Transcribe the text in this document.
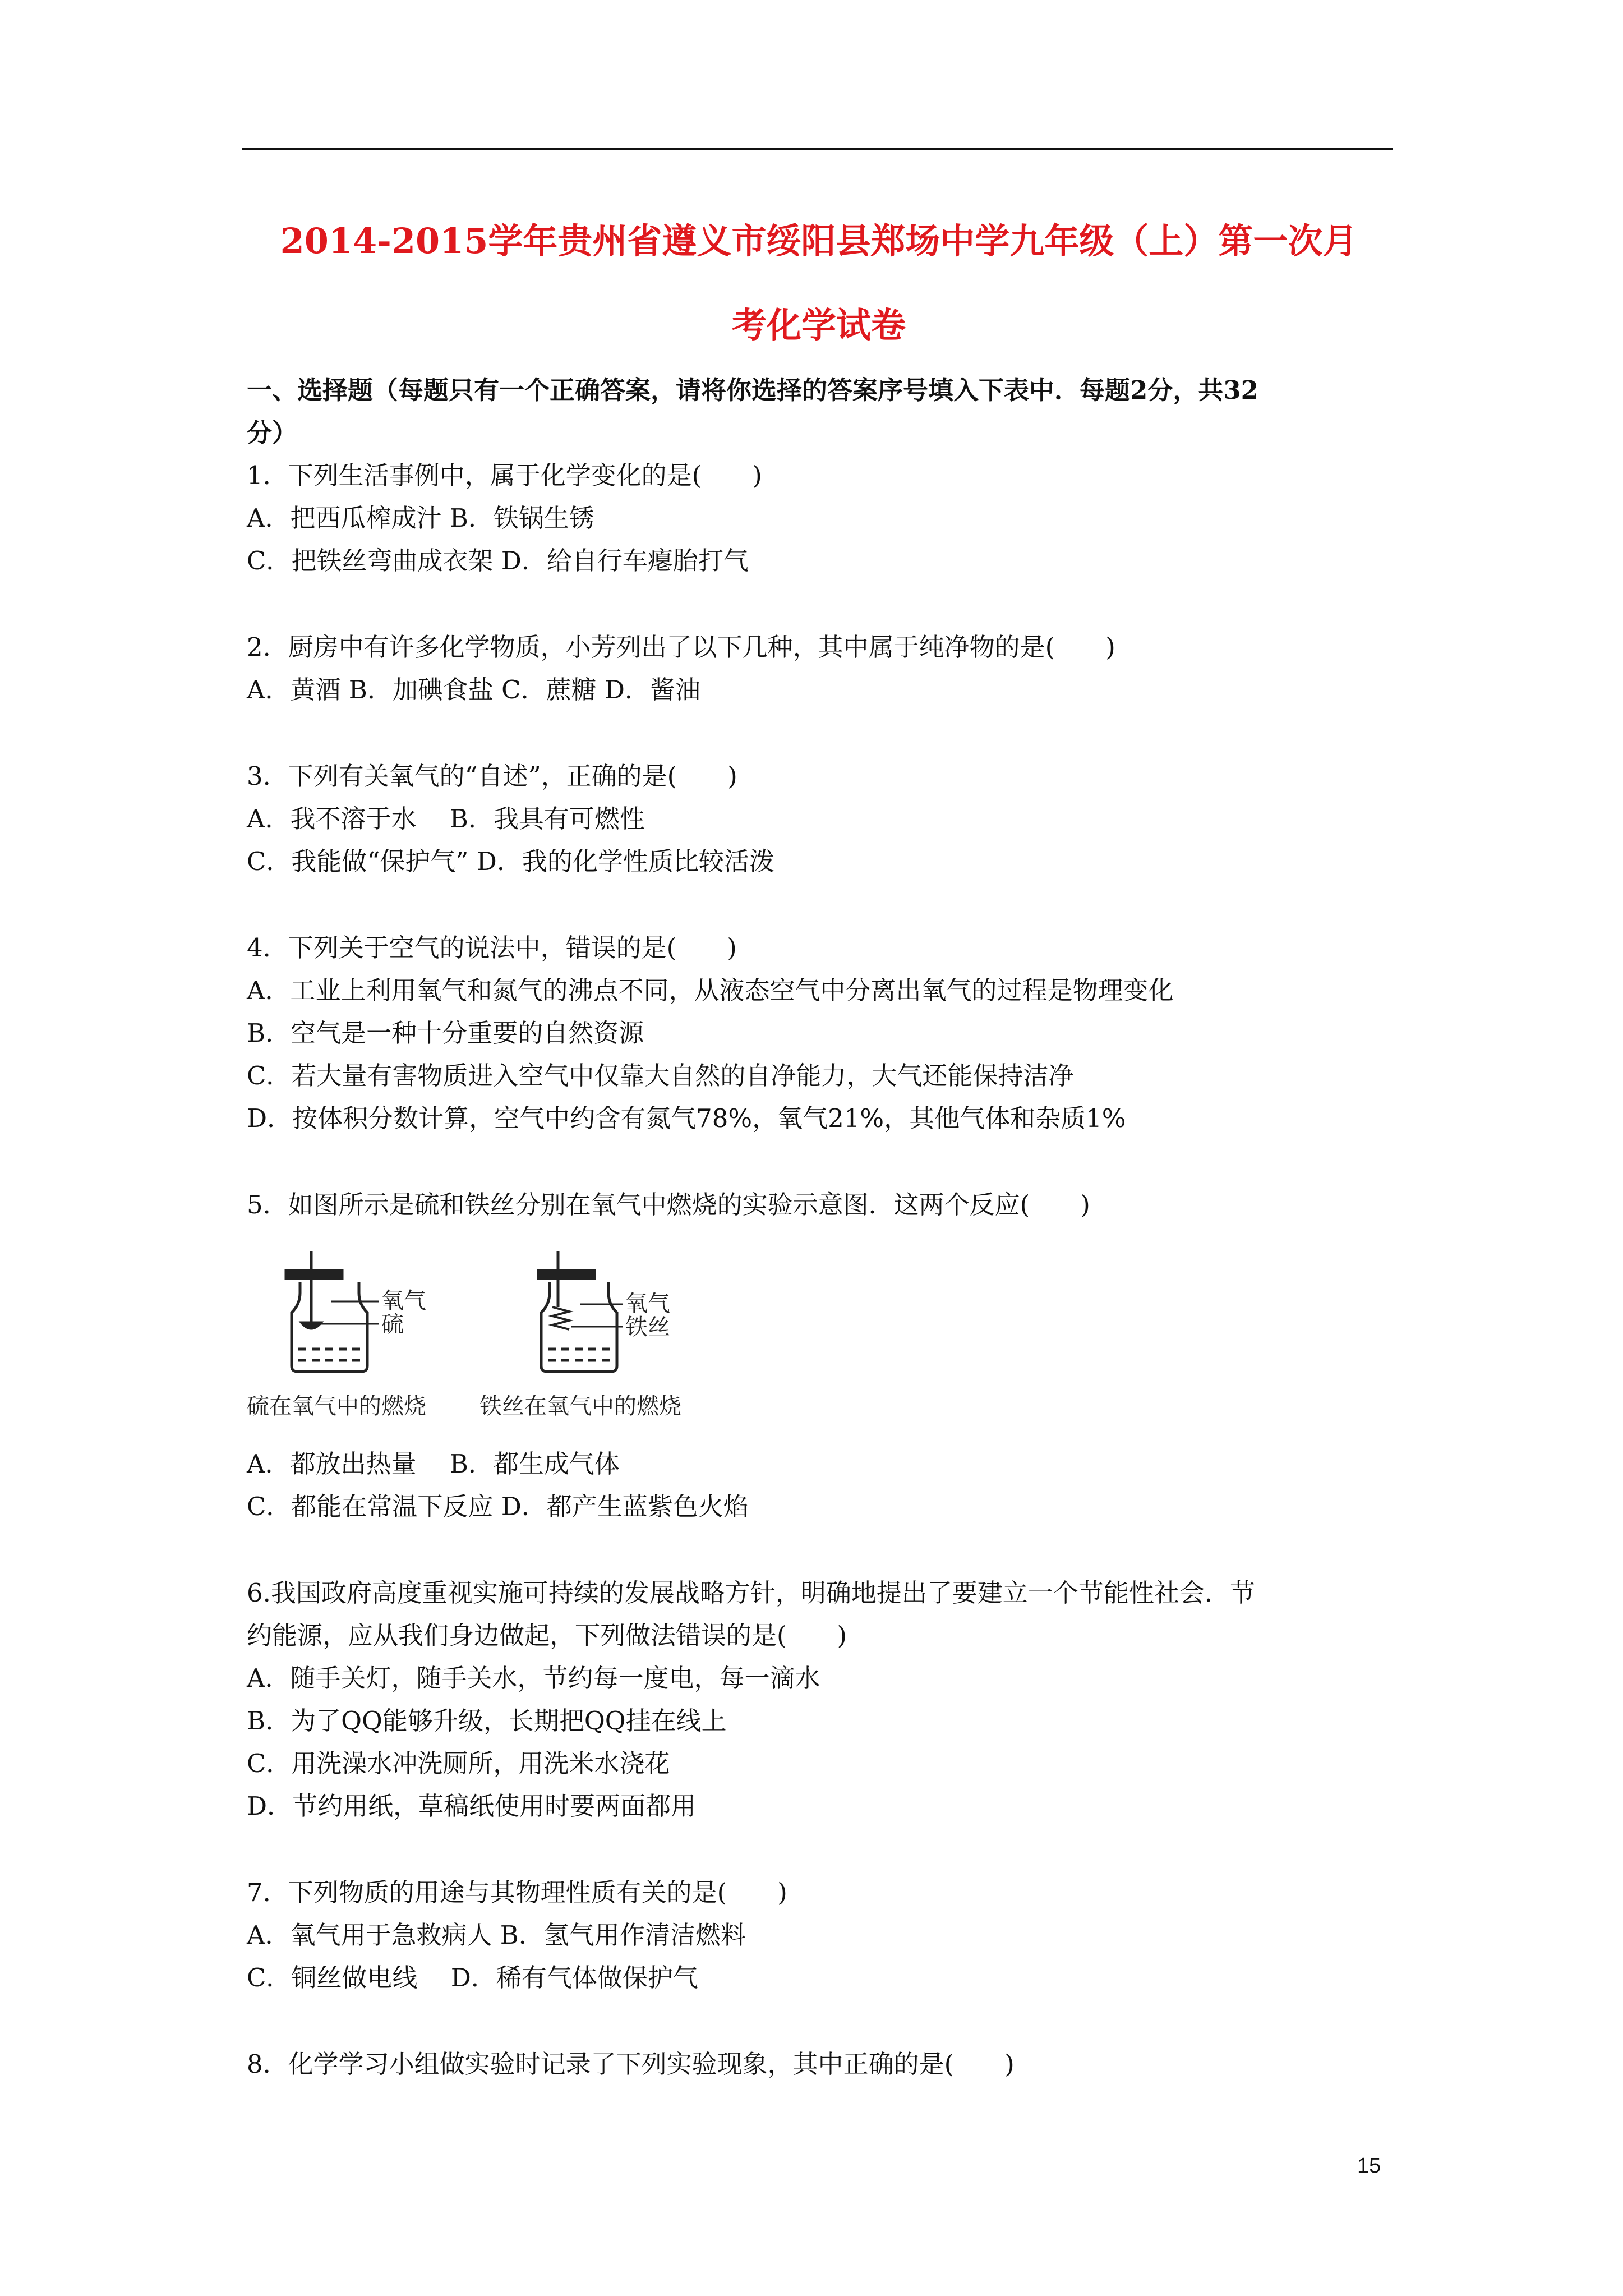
2014-2015学年贵州省遵义市绥阳县郑场中学九年级（上）第一次月
考化学试卷
一、选择题（每题只有一个正确答案，请将你选择的答案序号填入下表中．每题2分，共32
分）
1．下列生活事例中，属于化学变化的是(　　)
A．把西瓜榨成汁 B．铁锅生锈
C．把铁丝弯曲成衣架 D．给自行车瘪胎打气
2．厨房中有许多化学物质，小芳列出了以下几种，其中属于纯净物的是(　　)
A．黄酒 B．加碘食盐 C．蔗糖 D．酱油
3．下列有关氧气的“自述”，正确的是(　　)
A．我不溶于水　 B．我具有可燃性
C．我能做“保护气” D．我的化学性质比较活泼
4．下列关于空气的说法中，错误的是(　　)
A．工业上利用氧气和氮气的沸点不同，从液态空气中分离出氧气的过程是物理变化
B．空气是一种十分重要的自然资源
C．若大量有害物质进入空气中仅靠大自然的自净能力，大气还能保持洁净
D．按体积分数计算，空气中约含有氮气78%，氧气21%，其他气体和杂质1%
5．如图所示是硫和铁丝分别在氧气中燃烧的实验示意图．这两个反应(　　)
氧气
硫
硫在氧气中的燃烧
氧气
铁丝
铁丝在氧气中的燃烧
A．都放出热量　 B．都生成气体
C．都能在常温下反应 D．都产生蓝紫色火焰
6.我国政府高度重视实施可持续的发展战略方针，明确地提出了要建立一个节能性社会．节
约能源，应从我们身边做起，下列做法错误的是(　　)
A．随手关灯，随手关水，节约每一度电，每一滴水
B．为了QQ能够升级，长期把QQ挂在线上
C．用洗澡水冲洗厕所，用洗米水浇花
D．节约用纸，草稿纸使用时要两面都用
7．下列物质的用途与其物理性质有关的是(　　)
A．氧气用于急救病人 B．氢气用作清洁燃料
C．铜丝做电线　 D．稀有气体做保护气
8．化学学习小组做实验时记录了下列实验现象，其中正确的是(　　)
15
